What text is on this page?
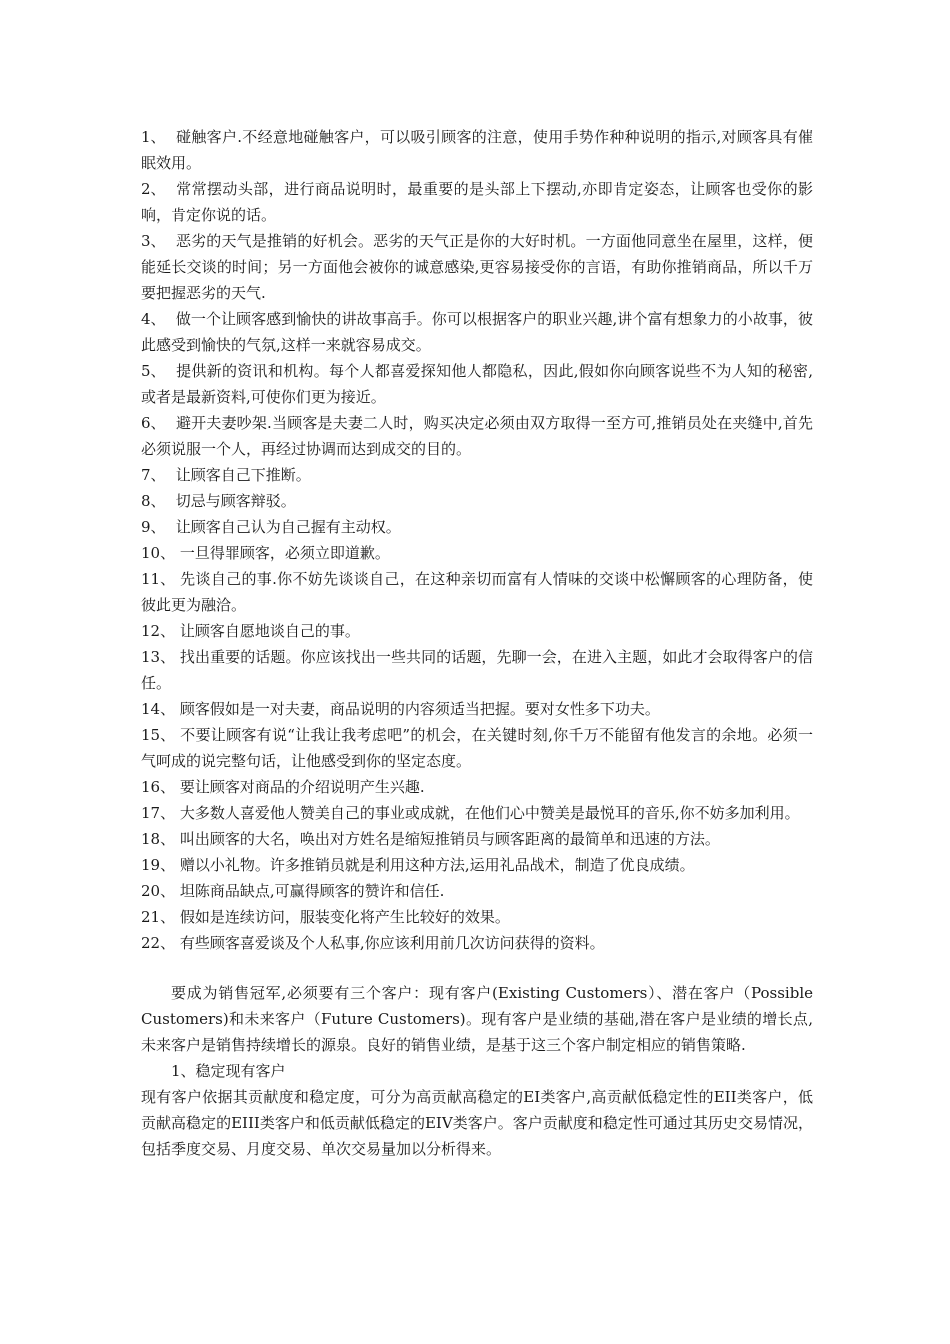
1、 碰触客户.不经意地碰触客户，可以吸引顾客的注意，使用手势作种种说明的指示,对顾客具有催眠效用。

2、 常常摆动头部，进行商品说明时，最重要的是头部上下摆动,亦即肯定姿态，让顾客也受你的影响，肯定你说的话。

3、 恶劣的天气是推销的好机会。恶劣的天气正是你的大好时机。一方面他同意坐在屋里，这样，便能延长交谈的时间；另一方面他会被你的诚意感染,更容易接受你的言语，有助你推销商品，所以千万要把握恶劣的天气.

4、 做一个让顾客感到愉快的讲故事高手。你可以根据客户的职业兴趣,讲个富有想象力的小故事，彼此感受到愉快的气氛,这样一来就容易成交。

5、 提供新的资讯和机构。每个人都喜爱探知他人都隐私，因此,假如你向顾客说些不为人知的秘密,或者是最新资料,可使你们更为接近。

6、 避开夫妻吵架.当顾客是夫妻二人时，购买决定必须由双方取得一至方可,推销员处在夹缝中,首先必须说服一个人，再经过协调而达到成交的目的。

7、 让顾客自己下推断。

8、 切忌与顾客辩驳。

9、 让顾客自己认为自己握有主动权。

10、 一旦得罪顾客，必须立即道歉。

11、 先谈自己的事.你不妨先谈谈自己，在这种亲切而富有人情味的交谈中松懈顾客的心理防备，使彼此更为融洽。

12、 让顾客自愿地谈自己的事。

13、 找出重要的话题。你应该找出一些共同的话题，先聊一会，在进入主题，如此才会取得客户的信任。

14、 顾客假如是一对夫妻，商品说明的内容须适当把握。要对女性多下功夫。

15、 不要让顾客有说“让我让我考虑吧”的机会，在关键时刻,你千万不能留有他发言的余地。必须一气呵成的说完整句话，让他感受到你的坚定态度。

16、 要让顾客对商品的介绍说明产生兴趣.

17、 大多数人喜爱他人赞美自己的事业或成就，在他们心中赞美是最悦耳的音乐,你不妨多加利用。

18、 叫出顾客的大名，唤出对方姓名是缩短推销员与顾客距离的最简单和迅速的方法。

19、 赠以小礼物。许多推销员就是利用这种方法,运用礼品战术，制造了优良成绩。

20、 坦陈商品缺点,可赢得顾客的赞许和信任.

21、 假如是连续访问，服装变化将产生比较好的效果。

22、 有些顾客喜爱谈及个人私事,你应该利用前几次访问获得的资料。

要成为销售冠军,必须要有三个客户：现有客户(Existing Customers）、潜在客户（Possible Customers)和未来客户（Future Customers)。现有客户是业绩的基础,潜在客户是业绩的增长点,未来客户是销售持续增长的源泉。良好的销售业绩，是基于这三个客户制定相应的销售策略.

1、稳定现有客户

现有客户依据其贡献度和稳定度，可分为高贡献高稳定的EI类客户,高贡献低稳定性的EII类客户，低贡献高稳定的EIII类客户和低贡献低稳定的EIV类客户。客户贡献度和稳定性可通过其历史交易情况，包括季度交易、月度交易、单次交易量加以分析得来。
